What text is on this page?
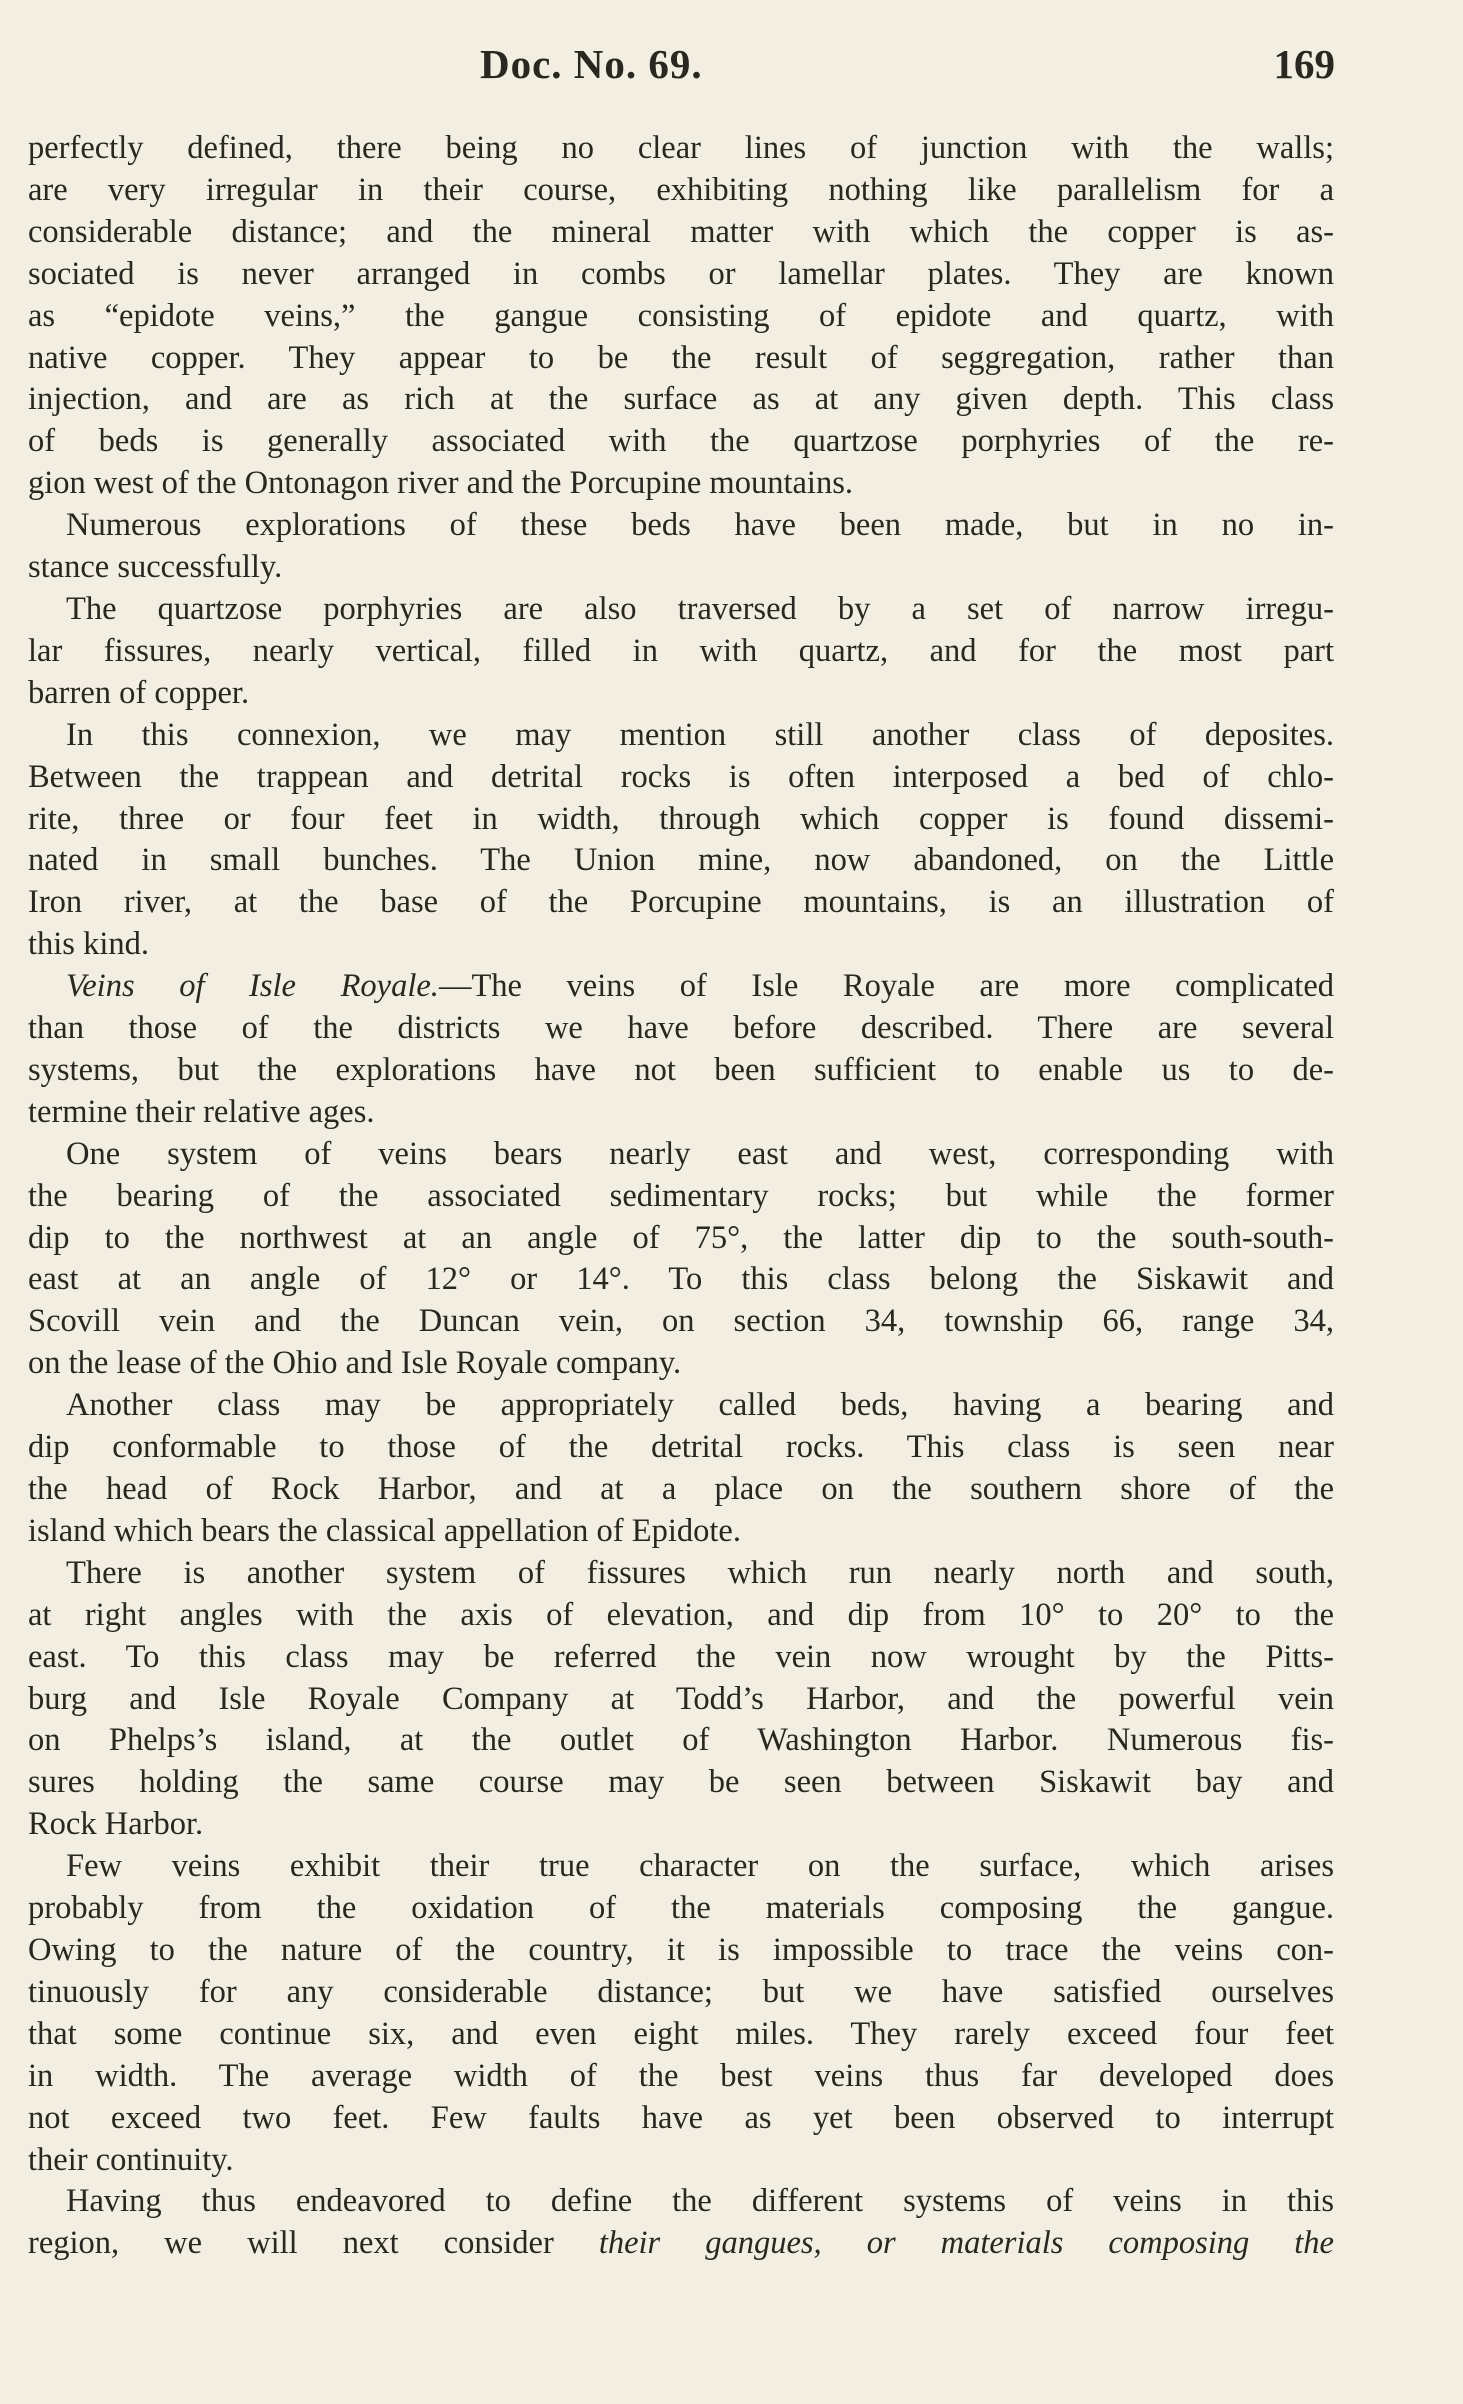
Doc. No. 69.	169
perfectly defined, there being no clear lines of junction with the walls;
are very irregular in their course, exhibiting nothing like parallelism for a
considerable distance; and the mineral matter with which the copper is as-
sociated is never arranged in combs or lamellar plates. They are known
as “epidote veins,” the gangue consisting of epidote and quartz, with
native copper. They appear to be the result of seggregation, rather than
injection, and are as rich at the surface as at any given depth. This class
of beds is generally associated with the quartzose porphyries of the re-
gion west of the Ontonagon river and the Porcupine mountains.
Numerous explorations of these beds have been made, but in no in-
stance successfully.
The quartzose porphyries are also traversed by a set of narrow irregu-
lar fissures, nearly vertical, filled in with quartz, and for the most part
barren of copper.
In this connexion, we may mention still another class of deposites.
Between the trappean and detrital rocks is often interposed a bed of chlo-
rite, three or four feet in width, through which copper is found dissemi-
nated in small bunches. The Union mine, now abandoned, on the Little
Iron river, at the base of the Porcupine mountains, is an illustration of
this kind.
Veins of Isle Royale.—The veins of Isle Royale are more complicated
than those of the districts we have before described. There are several
systems, but the explorations have not been sufficient to enable us to de-
termine their relative ages.
One system of veins bears nearly east and west, corresponding with
the bearing of the associated sedimentary rocks; but while the former
dip to the northwest at an angle of 75°, the latter dip to the south-south-
east at an angle of 12° or 14°. To this class belong the Siskawit and
Scovill vein and the Duncan vein, on section 34, township 66, range 34,
on the lease of the Ohio and Isle Royale company.
Another class may be appropriately called beds, having a bearing and
dip conformable to those of the detrital rocks. This class is seen near
the head of Rock Harbor, and at a place on the southern shore of the
island which bears the classical appellation of Epidote.
There is another system of fissures which run nearly north and south,
at right angles with the axis of elevation, and dip from 10° to 20° to the
east. To this class may be referred the vein now wrought by the Pitts-
burg and Isle Royale Company at Todd’s Harbor, and the powerful vein
on Phelps’s island, at the outlet of Washington Harbor. Numerous fis-
sures holding the same course may be seen between Siskawit bay and
Rock Harbor.
Few veins exhibit their true character on the surface, which arises
probably from the oxidation of the materials composing the gangue.
Owing to the nature of the country, it is impossible to trace the veins con-
tinuously for any considerable distance; but we have satisfied ourselves
that some continue six, and even eight miles. They rarely exceed four feet
in width. The average width of the best veins thus far developed does
not exceed two feet. Few faults have as yet been observed to interrupt
their continuity.
Having thus endeavored to define the different systems of veins in this
region, we will next consider their gangues, or materials composing the
